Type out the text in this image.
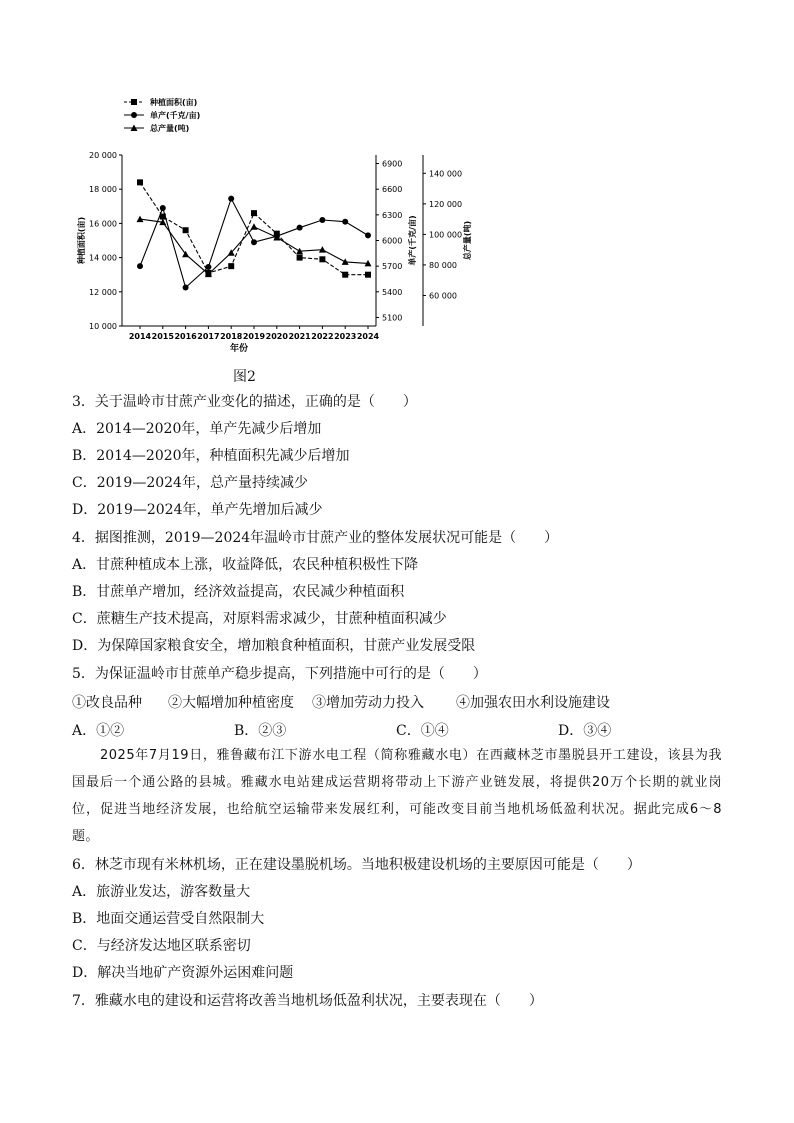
20 000
18 000
16 000
14 000
12 000
10 000
6900
6600
6300
6000
5700
5400
5100
140 000
120 000
100 000
80 000
60 000
2014 2015 2016 2017 2018 2019 2020 2021 2022 2023 2024
年份
种植面积(亩)	单产(千克/亩)	总产量(吨)
种植面积(亩)
单产(千克/亩)
总产量(吨)
图2
3．关于温岭市甘蔗产业变化的描述，正确的是（　　）
A．2014—2020年，单产先减少后增加
B．2014—2020年，种植面积先减少后增加
C．2019—2024年，总产量持续减少
D．2019—2024年，单产先增加后减少
4．据图推测，2019—2024年温岭市甘蔗产业的整体发展状况可能是（　　）
A．甘蔗种植成本上涨，收益降低，农民种植积极性下降
B．甘蔗单产增加，经济效益提高，农民减少种植面积
C．蔗糖生产技术提高，对原料需求减少，甘蔗种植面积减少
D．为保障国家粮食安全，增加粮食种植面积，甘蔗产业发展受限
5．为保证温岭市甘蔗单产稳步提高，下列措施中可行的是（　　）
①改良品种 ②大幅增加种植密度 ③增加劳动力投入 ④加强农田水利设施建设
A．①②	B．②③	C．①④	D．③④

2025年7月19日，雅鲁藏布江下游水电工程（简称雅藏水电）在西藏林芝市墨脱县开工建设，该县为我国最后一个通公路的县城。雅藏水电站建成运营期将带动上下游产业链发展，将提供20万个长期的就业岗位，促进当地经济发展，也给航空运输带来发展红利，可能改变目前当地机场低盈利状况。据此完成6～8题。

6．林芝市现有米林机场，正在建设墨脱机场。当地积极建设机场的主要原因可能是（　　）
A．旅游业发达，游客数量大
B．地面交通运营受自然限制大
C．与经济发达地区联系密切
D．解决当地矿产资源外运困难问题
7．雅藏水电的建设和运营将改善当地机场低盈利状况，主要表现在（　　）
